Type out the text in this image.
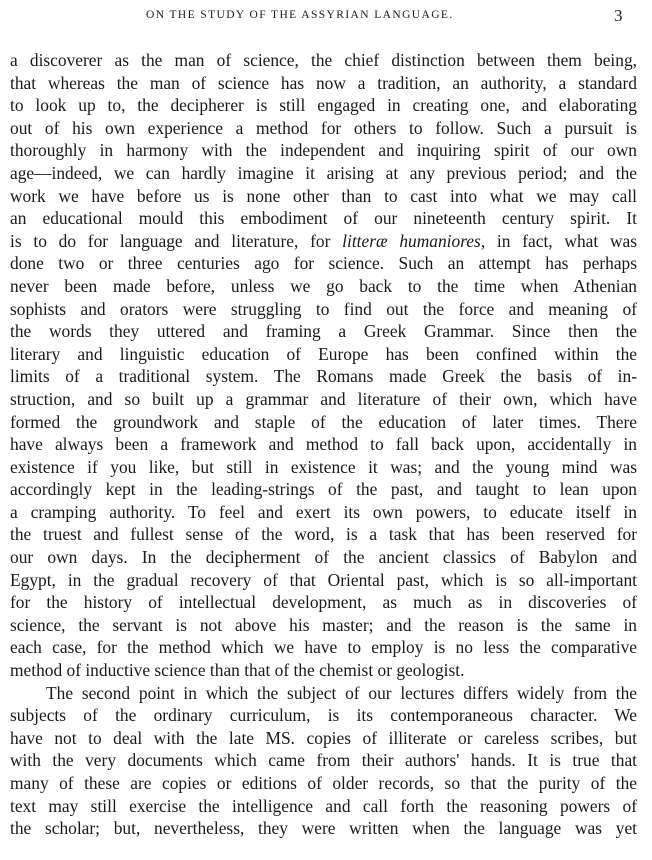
ON THE STUDY OF THE ASSYRIAN LANGUAGE.	3
a discoverer as the man of science, the chief distinction between them being,
that whereas the man of science has now a tradition, an authority, a standard
to look up to, the decipherer is still engaged in creating one, and elaborating
out of his own experience a method for others to follow. Such a pursuit is
thoroughly in harmony with the independent and inquiring spirit of our own
age—indeed, we can hardly imagine it arising at any previous period; and the
work we have before us is none other than to cast into what we may call
an educational mould this embodiment of our nineteenth century spirit. It
is to do for language and literature, for litteræ humaniores, in fact, what was
done two or three centuries ago for science. Such an attempt has perhaps
never been made before, unless we go back to the time when Athenian
sophists and orators were struggling to find out the force and meaning of
the words they uttered and framing a Greek Grammar. Since then the
literary and linguistic education of Europe has been confined within the
limits of a traditional system. The Romans made Greek the basis of in-
struction, and so built up a grammar and literature of their own, which have
formed the groundwork and staple of the education of later times. There
have always been a framework and method to fall back upon, accidentally in
existence if you like, but still in existence it was; and the young mind was
accordingly kept in the leading-strings of the past, and taught to lean upon
a cramping authority. To feel and exert its own powers, to educate itself in
the truest and fullest sense of the word, is a task that has been reserved for
our own days. In the decipherment of the ancient classics of Babylon and
Egypt, in the gradual recovery of that Oriental past, which is so all-important
for the history of intellectual development, as much as in discoveries of
science, the servant is not above his master; and the reason is the same in
each case, for the method which we have to employ is no less the comparative
method of inductive science than that of the chemist or geologist.
The second point in which the subject of our lectures differs widely from the
subjects of the ordinary curriculum, is its contemporaneous character. We
have not to deal with the late MS. copies of illiterate or careless scribes, but
with the very documents which came from their authors' hands. It is true that
many of these are copies or editions of older records, so that the purity of the
text may still exercise the intelligence and call forth the reasoning powers of
the scholar; but, nevertheless, they were written when the language was yet
